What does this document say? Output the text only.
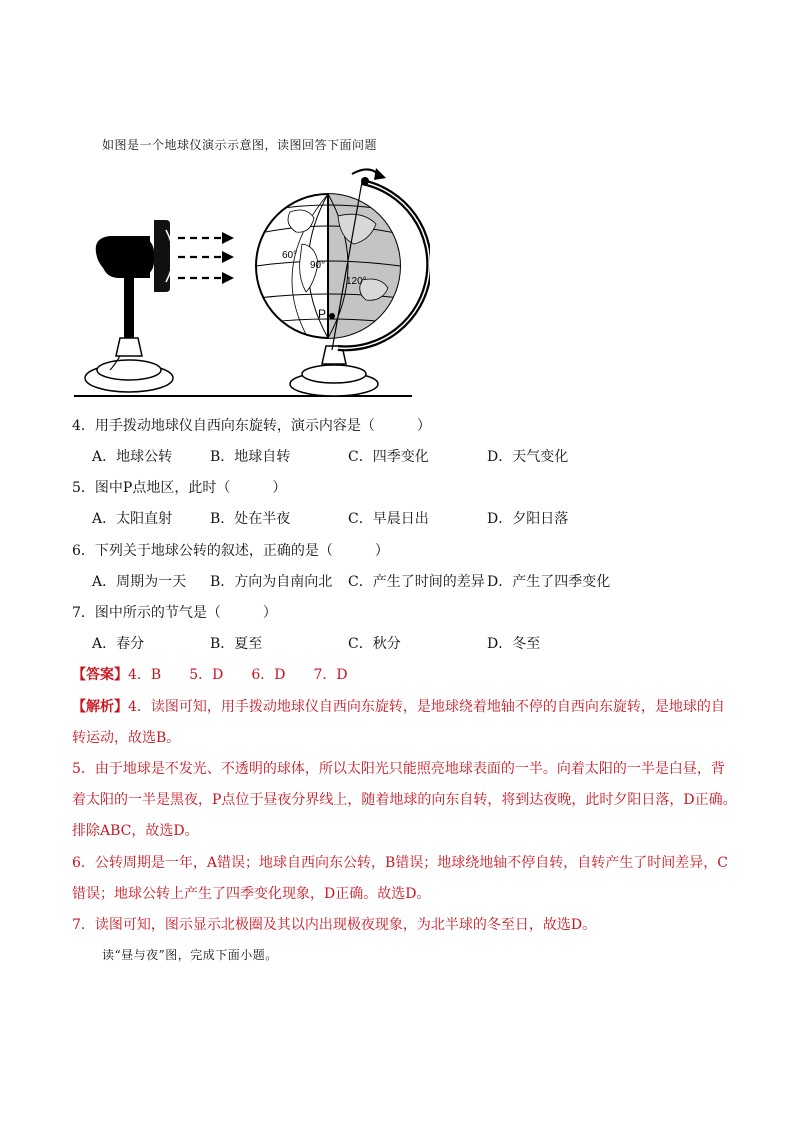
如图是一个地球仪演示示意图，读图回答下面问题
60°
90°
120°
P
4．用手拨动地球仪自西向东旋转，演示内容是（　　　）
A．地球公转	B．地球自转	C．四季变化	D．天气变化
5．图中P点地区，此时（　　　）
A．太阳直射	B．处在半夜	C．早晨日出	D．夕阳日落
6．下列关于地球公转的叙述，正确的是（　　　）
A．周期为一天 B．方向为自南向北 C．产生了时间的差异 D．产生了四季变化
7．图中所示的节气是（　　　）
A．春分	B．夏至	C．秋分	D．冬至
【答案】4．B　　5．D　　6．D　　7．D
【解析】4．读图可知，用手拨动地球仪自西向东旋转，是地球绕着地轴不停的自西向东旋转，是地球的自
转运动，故选B。
5．由于地球是不发光、不透明的球体，所以太阳光只能照亮地球表面的一半。向着太阳的一半是白昼，背
着太阳的一半是黑夜，P点位于昼夜分界线上，随着地球的向东自转，将到达夜晚，此时夕阳日落，D正确。
排除ABC，故选D。
6．公转周期是一年，A错误；地球自西向东公转，B错误；地球绕地轴不停自转，自转产生了时间差异，C
错误；地球公转上产生了四季变化现象，D正确。故选D。
7．读图可知，图示显示北极圈及其以内出现极夜现象，为北半球的冬至日，故选D。
读“昼与夜”图，完成下面小题。
